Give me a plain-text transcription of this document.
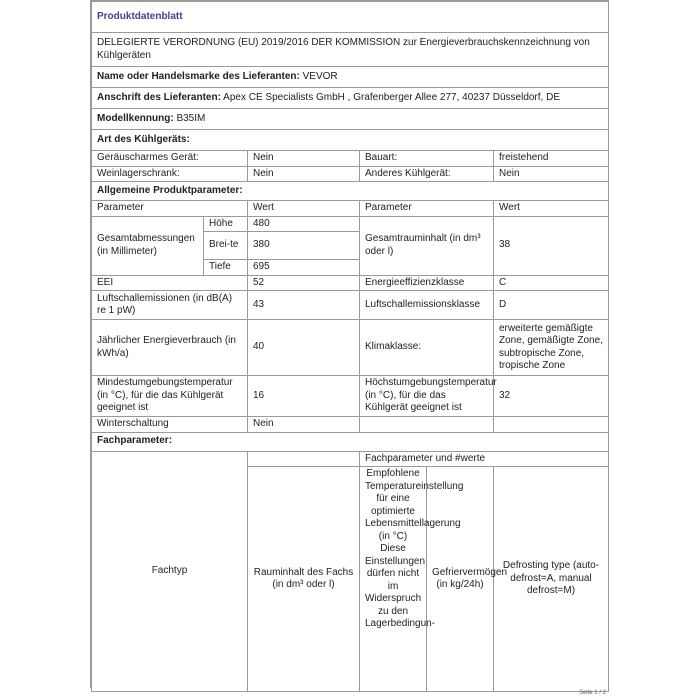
Produktdatenblatt					
DELEGIERTE VERORDNUNG (EU) 2019/2016 DER KOMMISSION zur Energieverbrauchskennzeichnung von Kühlgeräten					
Name oder Handelsmarke des Lieferanten: VEVOR					
Anschrift des Lieferanten: Apex CE Specialists GmbH , Grafenberger Allee 277, 40237 Düsseldorf, DE					
Modellkennung: B35IM					
Art des Kühlgeräts:					
Geräuscharmes Gerät:		Nein	Bauart:		freistehend
Weinlagerschrank:		Nein	Anderes Kühlgerät:		Nein
Allgemeine Produktparameter:					
Parameter		Wert	Parameter		Wert
Gesamtabmessungen (in Millimeter)	Höhe	480	Gesamtrauminhalt (in dm³ oder l)		38
	Brei-te	380			
	Tiefe	695			
EEI		52	Energieeffizienzklasse		C
Luftschallemissionen (in dB(A) re 1 pW)		43	Luftschallemissionsklasse		D
Jährlicher Energieverbrauch (in kWh/a)		40	Klimaklasse:		erweiterte gemäßigte Zone, gemäßigte Zone, subtropische Zone, tropische Zone
Mindestumgebungstemperatur (in °C), für die das Kühlgerät geeignet ist		16	Höchstumgebungstemperatur (in °C), für die das Kühlgerät geeignet ist		32
Winterschaltung		Nein			
Fachparameter:					
Fachtyp			Fachparameter und #werte		
		Rauminhalt des Fachs (in dm³ oder l)	Empfohlene Temperatureinstellung für eine optimierte Lebensmittellagerung (in °C) Diese Einstellungen dürfen nicht im Widerspruch zu den Lagerbedingun-	Gefriervermögen (in kg/24h)	Defrosting type (auto-defrost=A, manual defrost=M)
Seite 1 / 2
